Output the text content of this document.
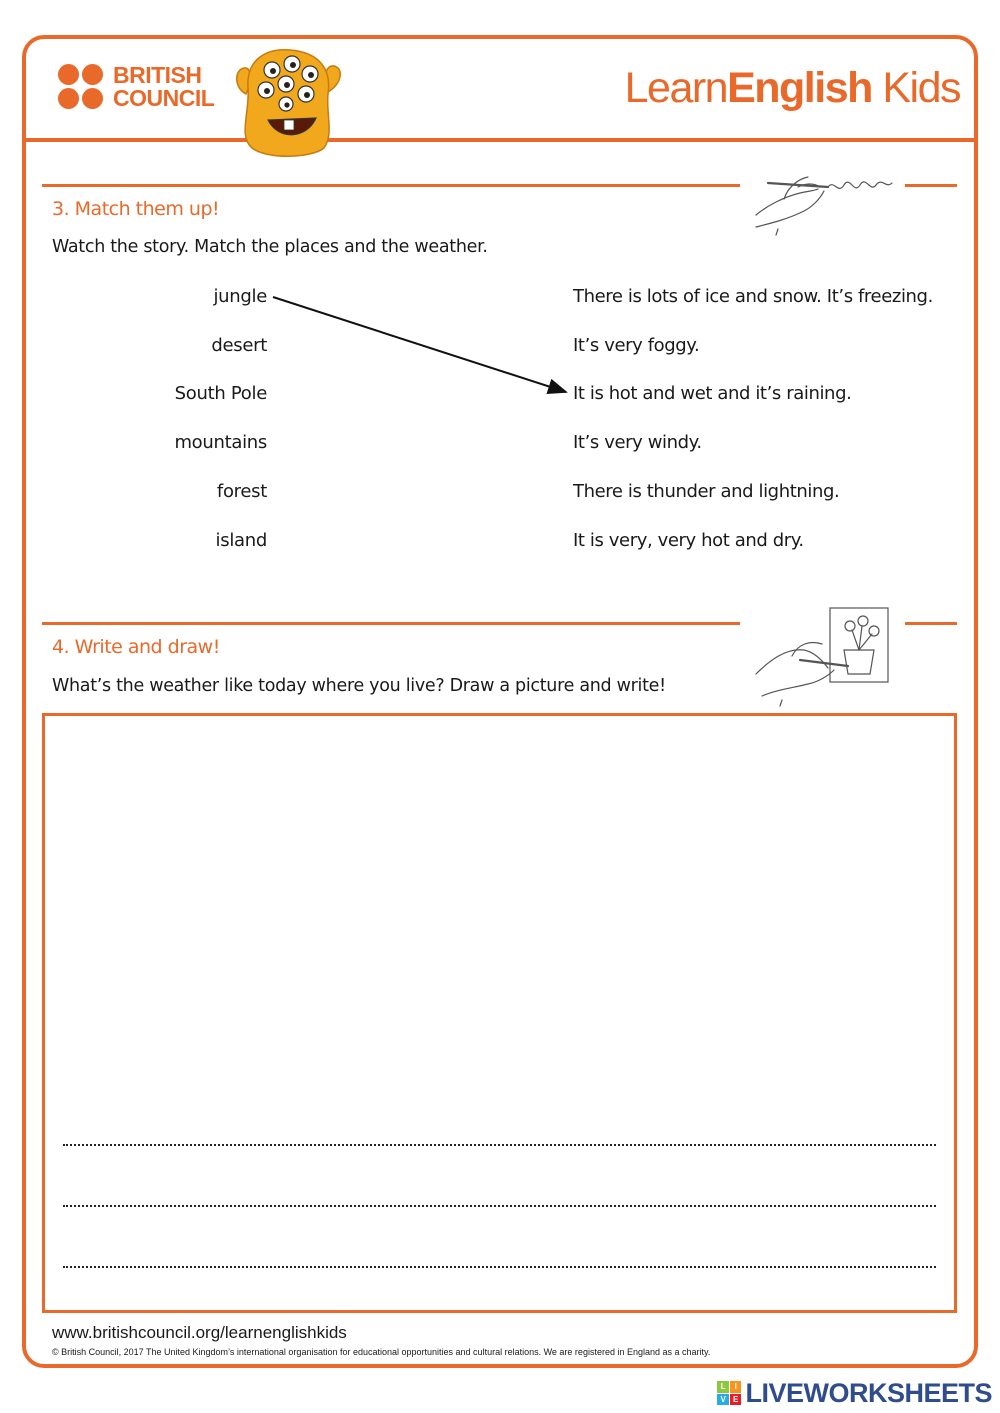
BRITISH
COUNCIL	LearnEnglish Kids
3. Match them up!
Watch the story. Match the places and the weather.
jungle
desert
South Pole
mountains
forest
island
There is lots of ice and snow. It’s freezing.
It’s very foggy.
It is hot and wet and it’s raining.
It’s very windy.
There is thunder and lightning.
It is very, very hot and dry.
4. Write and draw!
What’s the weather like today where you live? Draw a picture and write!
www.britishcouncil.org/learnenglishkids
© British Council, 2017 The United Kingdom’s international organisation for educational opportunities and cultural relations. We are registered in England as a charity.
L	I
V E LIVEWORKSHEETS
